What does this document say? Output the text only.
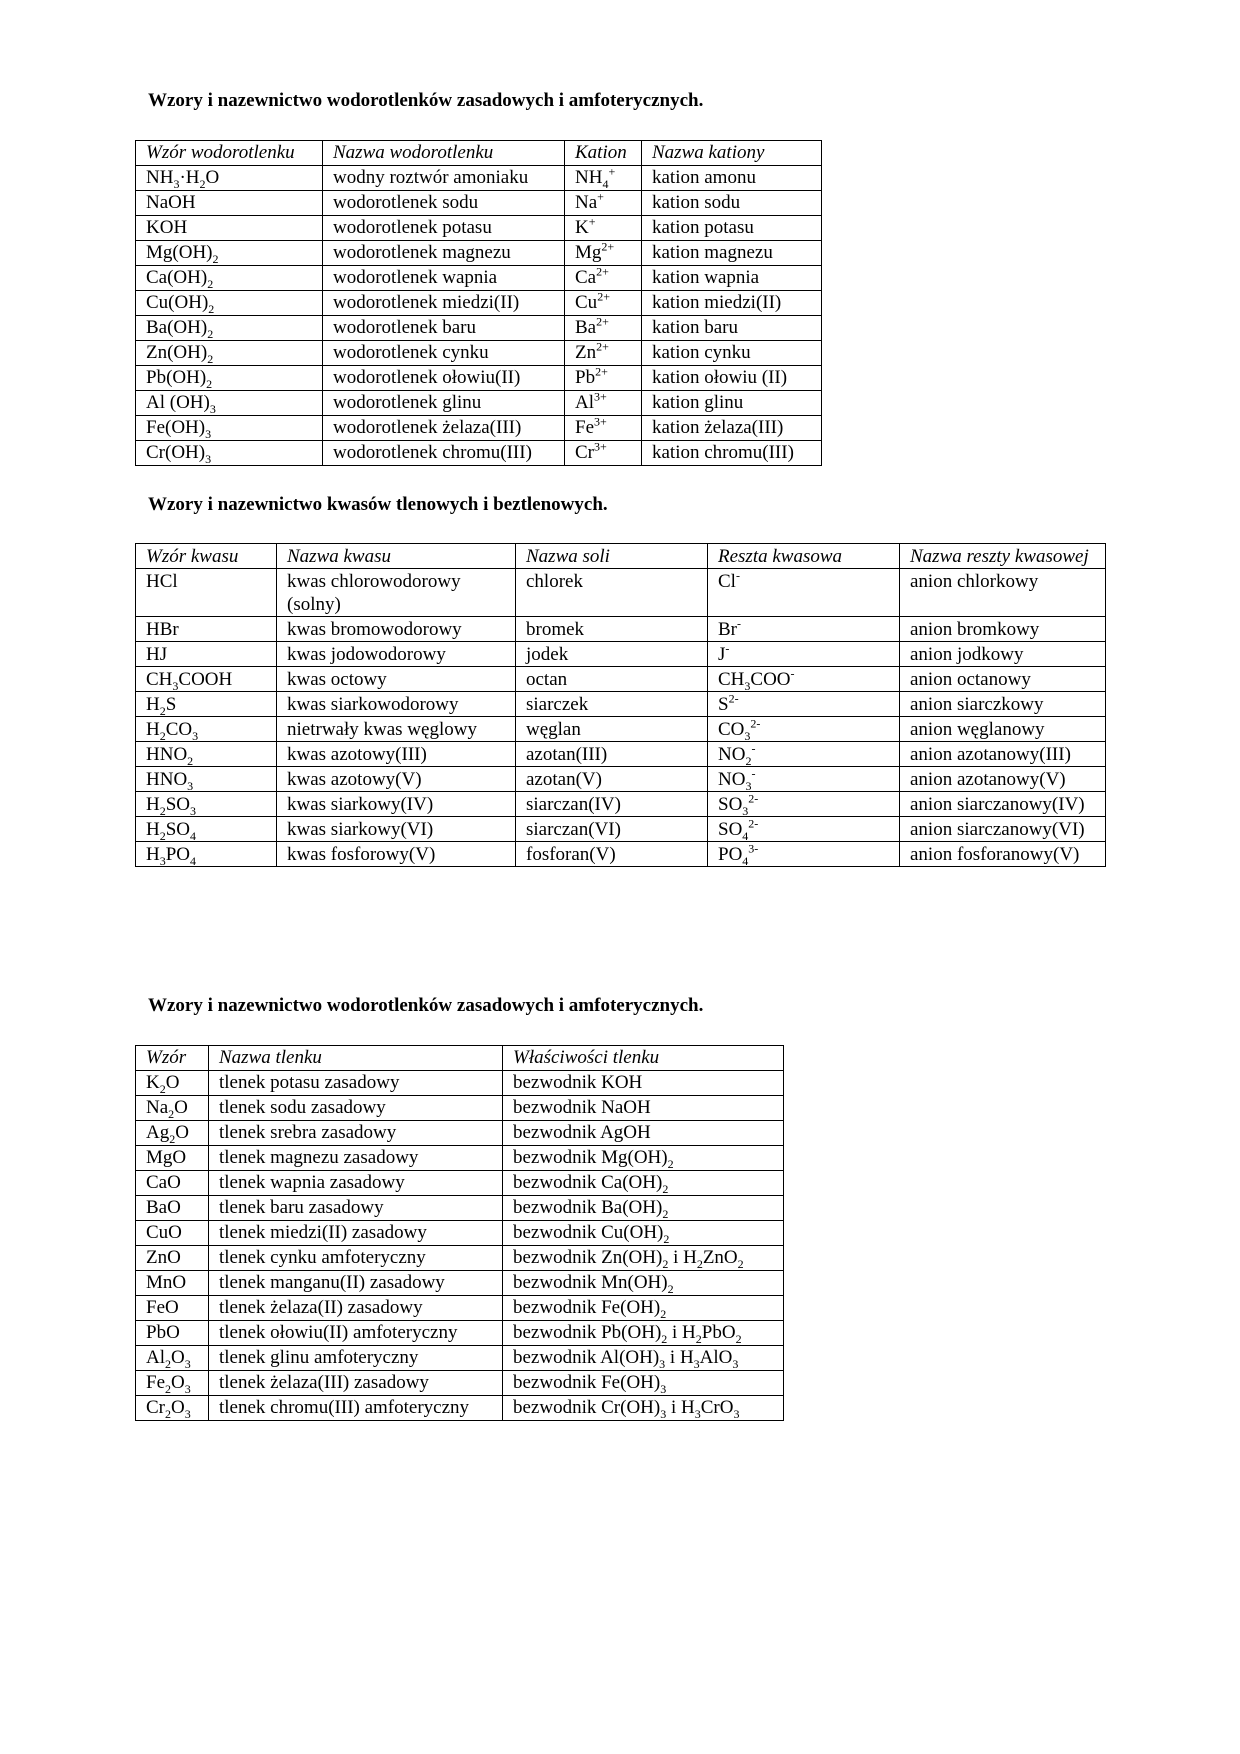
Wzory i nazewnictwo wodorotlenków zasadowych i amfoterycznych.
Wzór wodorotlenku	Nazwa wodorotlenku	Kation	Nazwa kationy
$NH_3\cdot H_2O$	wodny roztwór amoniaku	$NH_4^+$	kation amonu
NaOH	wodorotlenek sodu	Na+	kation sodu
KOH	wodorotlenek potasu	K+	kation potasu
$Mg(OH)_2$	wodorotlenek magnezu	$Mg^{2+}$	kation magnezu
$Ca(OH)_2$	wodorotlenek wapnia	$Ca^{2+}$	kation wapnia
$Cu(OH)_2$	wodorotlenek miedzi(II)	$Cu^{2+}$	kation miedzi(II)
$Ba(OH)_2$	wodorotlenek baru	$Ba^{2+}$	kation baru
$Zn(OH)_2$	wodorotlenek cynku	$Zn^{2+}$	kation cynku
$Pb(OH)_2$	wodorotlenek ołowiu(II)	$Pb^{2+}$	kation ołowiu (II)
Al $(OH)_3$	wodorotlenek glinu	$Al^{3+}$	kation glinu
$Fe(OH)_3$	wodorotlenek żelaza(III)	$Fe^{3+}$	kation żelaza(III)
$Cr(OH)_3$	wodorotlenek chromu(III)	$Cr^{3+}$	kation chromu(III)
Wzory i nazewnictwo kwasów tlenowych i beztlenowych.
Wzór kwasu	Nazwa kwasu	Nazwa soli	Reszta kwasowa	Nazwa reszty kwasowej
HCl	kwas chlorowodorowy (solny)	chlorek	Cl-	anion chlorkowy
HBr	kwas bromowodorowy	bromek	Br-	anion bromkowy
HJ	kwas jodowodorowy	jodek	J-	anion jodkowy
$CH_3COOH$	kwas octowy	octan	$CH_3COO^-$	anion octanowy
$H_2S$	kwas siarkowodorowy	siarczek	$S^{2-}$	anion siarczkowy
$H_2CO_3$	nietrwały kwas węglowy	węglan	$CO_3^{2-}$	anion węglanowy
$HNO_2$	kwas azotowy(III)	azotan(III)	$NO_2^-$	anion azotanowy(III)
$HNO_3$	kwas azotowy(V)	azotan(V)	$NO_3^-$	anion azotanowy(V)
$H_2SO_3$	kwas siarkowy(IV)	siarczan(IV)	$SO_3^{2-}$	anion siarczanowy(IV)
$H_2SO_4$	kwas siarkowy(VI)	siarczan(VI)	$SO_4^{2-}$	anion siarczanowy(VI)
$H_3PO_4$	kwas fosforowy(V)	fosforan(V)	$PO_4^{3-}$	anion fosforanowy(V)
Wzory i nazewnictwo wodorotlenków zasadowych i amfoterycznych.
Wzór	Nazwa tlenku	Właściwości tlenku
$K_2O$	tlenek potasu zasadowy	bezwodnik KOH
$Na_2O$	tlenek sodu zasadowy	bezwodnik NaOH
$Ag_2O$	tlenek srebra zasadowy	bezwodnik AgOH
MgO	tlenek magnezu zasadowy	bezwodnik $Mg(OH)_2$
CaO	tlenek wapnia zasadowy	bezwodnik $Ca(OH)_2$
BaO	tlenek baru zasadowy	bezwodnik $Ba(OH)_2$
CuO	tlenek miedzi(II) zasadowy	bezwodnik $Cu(OH)_2$
ZnO	tlenek cynku amfoteryczny	bezwodnik $Zn(OH)_2$ i $H_2ZnO_2$
MnO	tlenek manganu(II) zasadowy	bezwodnik $Mn(OH)_2$
FeO	tlenek żelaza(II) zasadowy	bezwodnik $Fe(OH)_2$
PbO	tlenek ołowiu(II) amfoteryczny	bezwodnik $Pb(OH)_2$ i $H_2PbO_2$
$Al_2O_3$	tlenek glinu amfoteryczny	bezwodnik $Al(OH)_3$ i $H_3AlO_3$
$Fe_2O_3$	tlenek żelaza(III) zasadowy	bezwodnik $Fe(OH)_3$
$Cr_2O_3$	tlenek chromu(III) amfoteryczny	bezwodnik $Cr(OH)_3$ i $H_3CrO_3$
